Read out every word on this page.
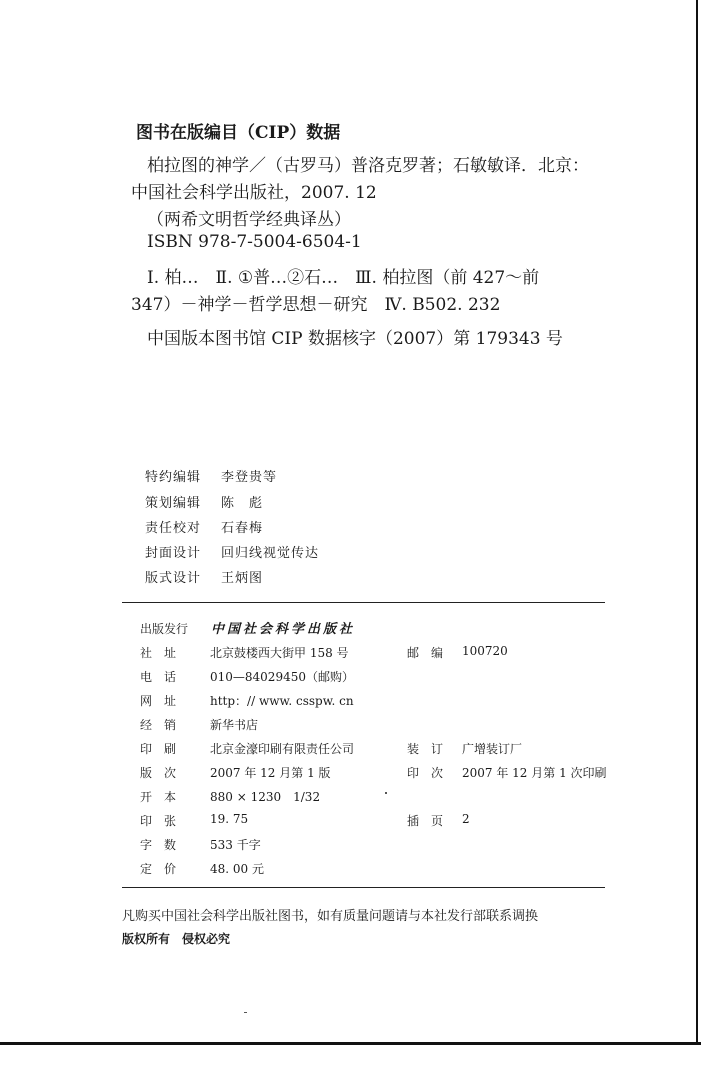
图书在版编目（CIP）数据
柏拉图的神学／（古罗马）普洛克罗著；石敏敏译．北京：
中国社会科学出版社，2007. 12
（两希文明哲学经典译丛）
ISBN 978-7-5004-6504-1
Ⅰ. 柏…　Ⅱ. ①普…②石…　Ⅲ. 柏拉图（前 427～前
347）－神学－哲学思想－研究　Ⅳ. B502. 232
中国版本图书馆 CIP 数据核字（2007）第 179343 号
特约编辑 李登贵等
策划编辑 陈　彪
责任校对 石春梅
封面设计 回归线视觉传达
版式设计 王炳图
出版发行 中国社会科学出版社
社　址	北京鼓楼西大街甲 158 号	邮　编 100720
电　话	010—84029450（邮购）
网　址	http：// www. csspw. cn
经　销	新华书店
印　刷	北京金濠印刷有限责任公司	装　订 广增装订厂
版　次	2007 年 12 月第 1 版	印　次 2007 年 12 月第 1 次印刷
开　本	880 × 1230　1/32
印　张	19. 75	插　页 2
字　数	533 千字
定　价	48. 00 元
凡购买中国社会科学出版社图书，如有质量问题请与本社发行部联系调换
版权所有　侵权必究
